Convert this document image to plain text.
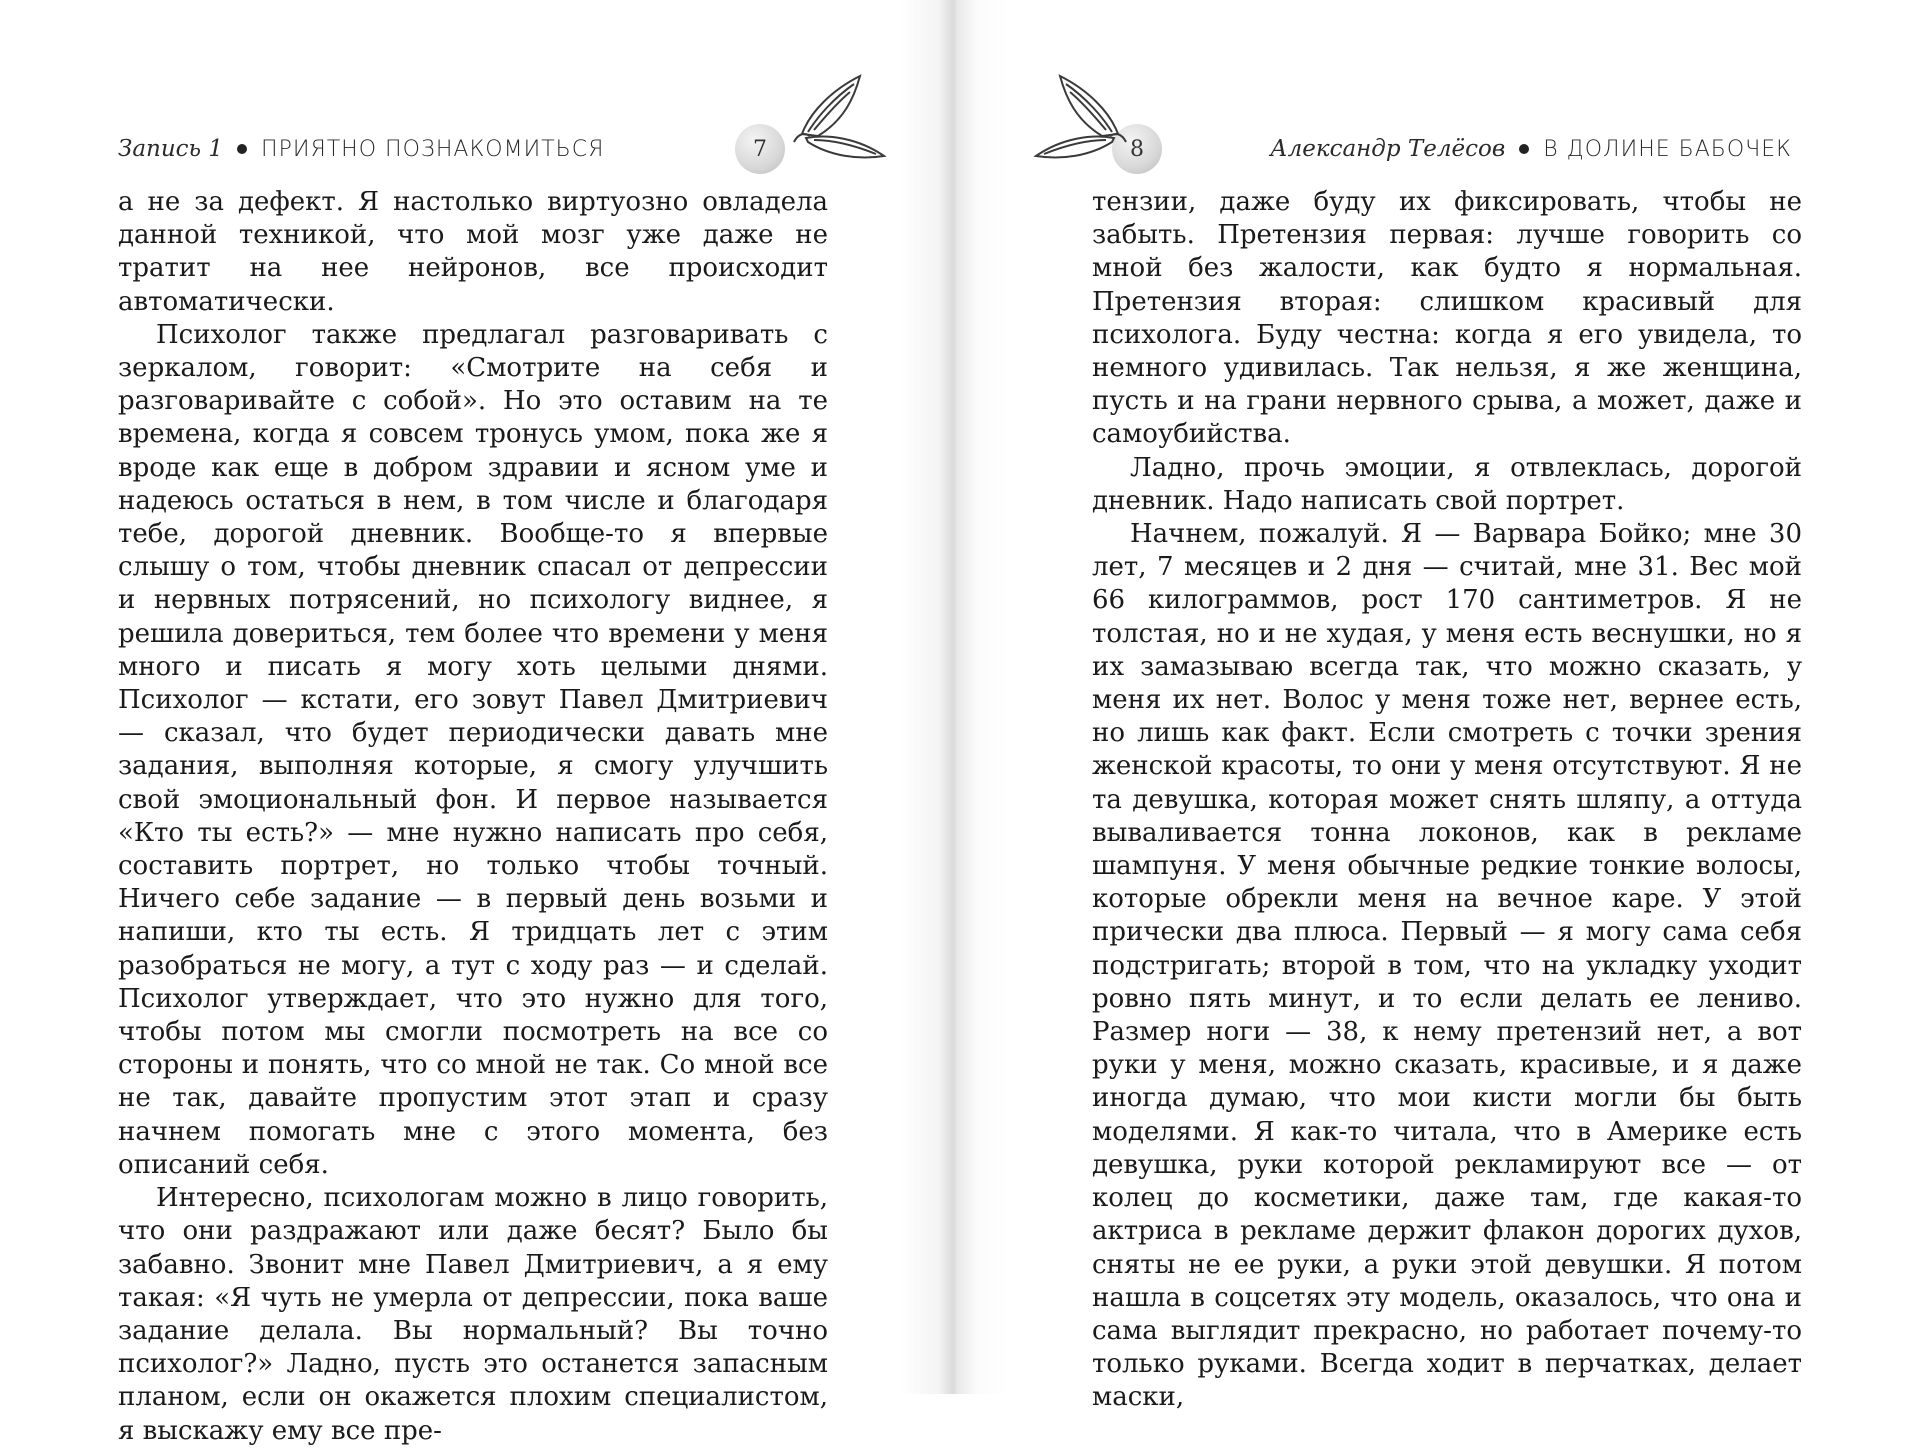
Запись 1 ПРИЯТНО ПОЗНАКОМИТЬСЯ	7

а не за дефект. Я настолько виртуозно овладела данной техникой, что мой мозг уже даже не тратит на нее нейронов, все происходит автоматически.

Психолог также предлагал разговаривать с зеркалом, говорит: «Смотрите на себя и разговаривайте с собой». Но это оставим на те времена, когда я совсем тронусь умом, пока же я вроде как еще в добром здравии и ясном уме и надеюсь остаться в нем, в том числе и благодаря тебе, дорогой дневник. Вообще-то я впервые слышу о том, чтобы дневник спасал от депрессии и нервных потрясений, но психологу виднее, я решила довериться, тем более что времени у меня много и писать я могу хоть целыми днями. Психолог — кстати, его зовут Павел Дмитриевич — сказал, что будет периодически давать мне задания, выполняя которые, я смогу улучшить свой эмоциональный фон. И первое называется «Кто ты есть?» — мне нужно написать про себя, составить портрет, но только чтобы точный. Ничего себе задание — в первый день возьми и напиши, кто ты есть. Я тридцать лет с этим разобраться не могу, а тут с ходу раз — и сделай. Психолог утверждает, что это нужно для того, чтобы потом мы смогли посмотреть на все со стороны и понять, что со мной не так. Со мной все не так, давайте пропустим этот этап и сразу начнем помогать мне с этого момента, без описаний себя.

Интересно, психологам можно в лицо говорить, что они раздражают или даже бесят? Было бы забавно. Звонит мне Павел Дмитриевич, а я ему такая: «Я чуть не умерла от депрессии, пока ваше задание делала. Вы нормальный? Вы точно психолог?» Ладно, пусть это останется запасным планом, если он окажется плохим специалистом, я выскажу ему все пре-

Александр Телёсов В ДОЛИНЕ БАБОЧЕК
8

тензии, даже буду их фиксировать, чтобы не забыть. Претензия первая: лучше говорить со мной без жалости, как будто я нормальная. Претензия вторая: слишком красивый для психолога. Буду честна: когда я его увидела, то немного удивилась. Так нельзя, я же женщина, пусть и на грани нервного срыва, а может, даже и самоубийства.

Ладно, прочь эмоции, я отвлеклась, дорогой дневник. Надо написать свой портрет.

Начнем, пожалуй. Я — Варвара Бойко; мне 30 лет, 7 месяцев и 2 дня — считай, мне 31. Вес мой 66 килограммов, рост 170 сантиметров. Я не толстая, но и не худая, у меня есть веснушки, но я их замазываю всегда так, что можно сказать, у меня их нет. Волос у меня тоже нет, вернее есть, но лишь как факт. Если смотреть с точки зрения женской красоты, то они у меня отсутствуют. Я не та девушка, которая может снять шляпу, а оттуда вываливается тонна локонов, как в рекламе шампуня. У меня обычные редкие тонкие волосы, которые обрекли меня на вечное каре. У этой прически два плюса. Первый — я могу сама себя подстригать; второй в том, что на укладку уходит ровно пять минут, и то если делать ее лениво. Размер ноги — 38, к нему претензий нет, а вот руки у меня, можно сказать, красивые, и я даже иногда думаю, что мои кисти могли бы быть моделями. Я как-то читала, что в Америке есть девушка, руки которой рекламируют все — от колец до косметики, даже там, где какая-то актриса в рекламе держит флакон дорогих духов, сняты не ее руки, а руки этой девушки. Я потом нашла в соцсетях эту модель, оказалось, что она и сама выглядит прекрасно, но работает почему-то только руками. Всегда ходит в перчатках, делает маски,
